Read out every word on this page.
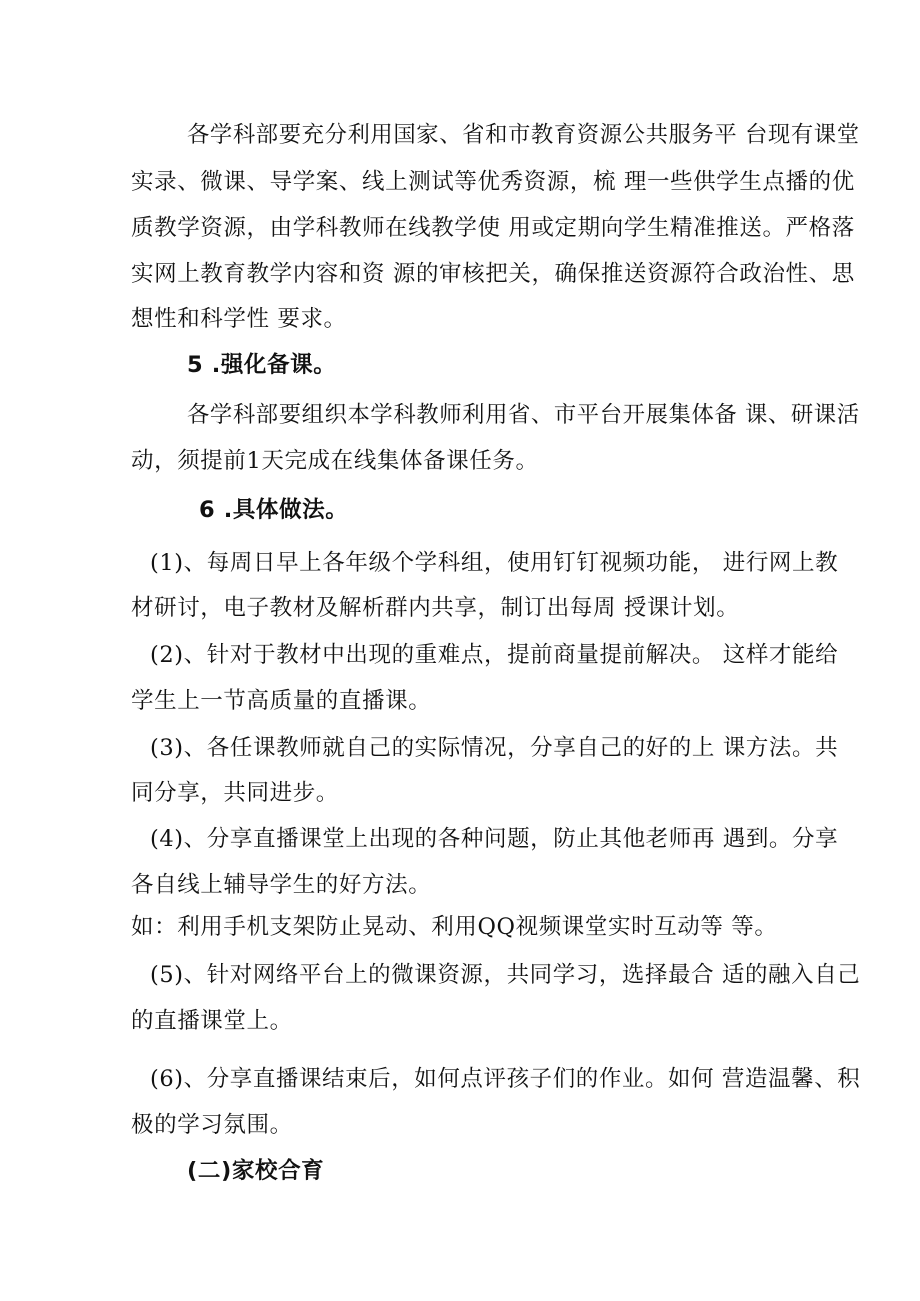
各学科部要充分利用国家、省和市教育资源公共服务平 台现有课堂
实录、微课、导学案、线上测试等优秀资源，梳 理一些供学生点播的优
质教学资源，由学科教师在线教学使 用或定期向学生精准推送。严格落
实网上教育教学内容和资 源的审核把关，确保推送资源符合政治性、思
想性和科学性 要求。
5 .强化备课。
各学科部要组织本学科教师利用省、市平台开展集体备 课、研课活
动，须提前1天完成在线集体备课任务。
6 .具体做法。
(1)、每周日早上各年级个学科组，使用钉钉视频功能， 进行网上教
材研讨，电子教材及解析群内共享，制订出每周 授课计划。
(2)、针对于教材中出现的重难点，提前商量提前解决。 这样才能给
学生上一节高质量的直播课。
(3)、各任课教师就自己的实际情况，分享自己的好的上 课方法。共
同分享，共同进步。
(4)、分享直播课堂上出现的各种问题，防止其他老师再 遇到。分享
各自线上辅导学生的好方法。
如：利用手机支架防止晃动、利用QQ视频课堂实时互动等 等。
(5)、针对网络平台上的微课资源，共同学习，选择最合 适的融入自己
的直播课堂上。
(6)、分享直播课结束后，如何点评孩子们的作业。如何 营造温馨、积
极的学习氛围。
(二)家校合育
